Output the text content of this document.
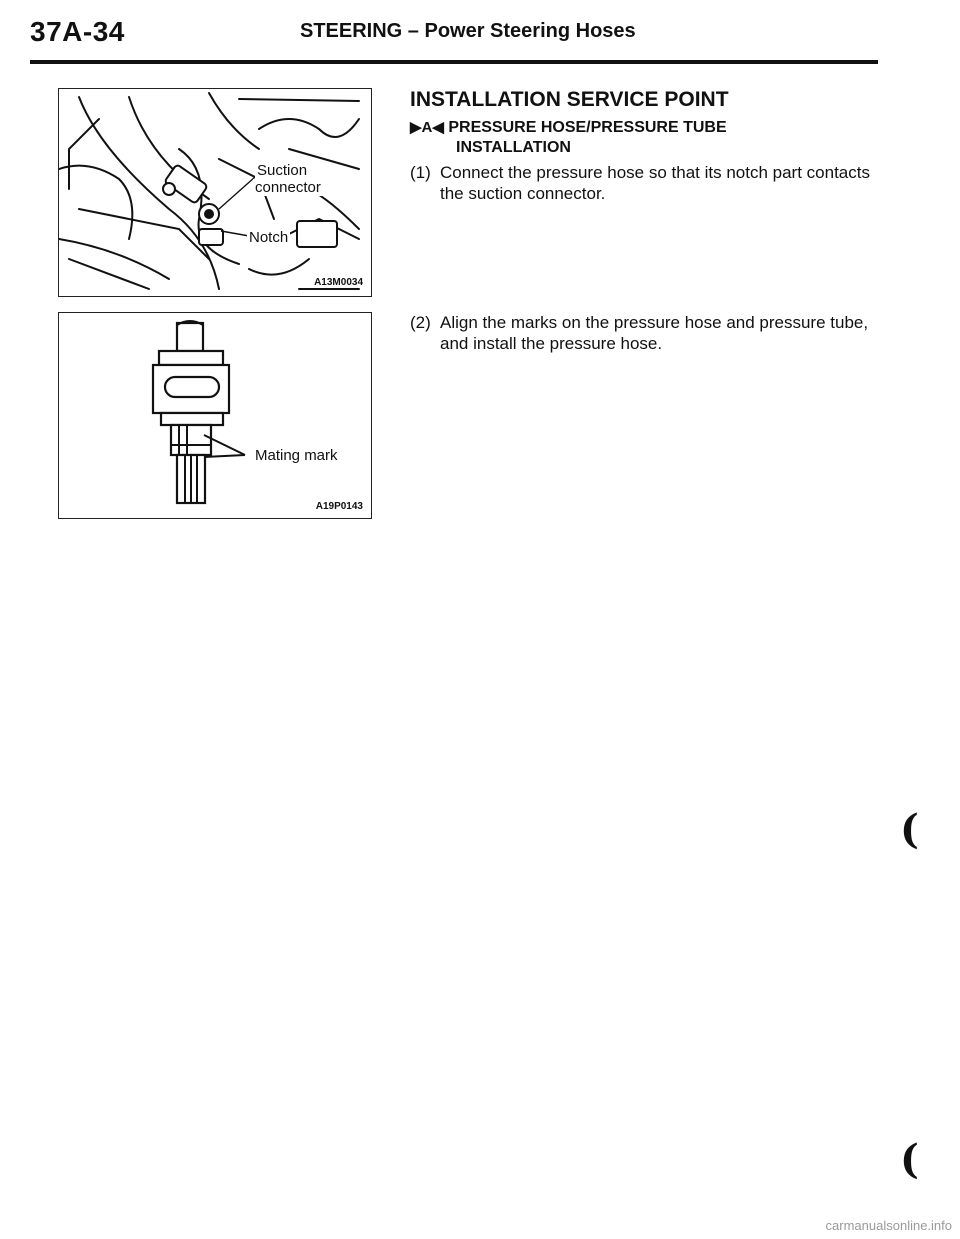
37A-34	STEERING – Power Steering Hoses
Suction
connector
Notch
A13M0034
Mating mark
A19P0143
INSTALLATION SERVICE POINT
▶A◀ PRESSURE HOSE/PRESSURE TUBE
INSTALLATION
(1) Connect the pressure hose so that its notch part contacts
the suction connector.
(2) Align the marks on the pressure hose and pressure tube,
and install the pressure hose.
(
(
carmanualsonline.info
